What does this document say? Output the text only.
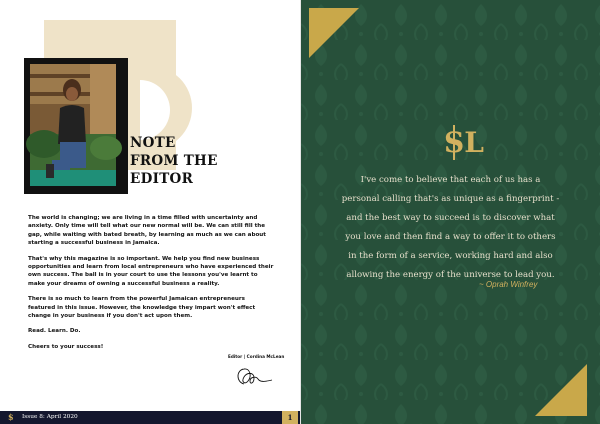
NOTE
FROM THE
EDITOR

The world is changing; we are living in a time filled with uncertainty and anxiety. Only time will tell what our new normal will be. We can still fill the gap, while waiting with bated breath, by learning as much as we can about starting a successful business in Jamaica.

That's why this magazine is so important. We help you find new business opportunities and learn from local entrepreneurs who have experienced their own success. The ball is in your court to use the lessons you've learnt to make your dreams of owning a successful business a reality.

There is so much to learn from the powerful Jamaican entrepreneurs featured in this issue. However, the knowledge they impart won't effect change in your business if you don't act upon them.

Read. Learn. Do.

Cheers to your success!

Editor | Cordina McLean
$ Issue 8: April 2020	1
SL
I've come to believe that each of us has a
personal calling that's as unique as a fingerprint -
and the best way to succeed is to discover what
you love and then find a way to offer it to others
in the form of a service, working hard and also
allowing the energy of the universe to lead you.
~ Oprah Winfrey
